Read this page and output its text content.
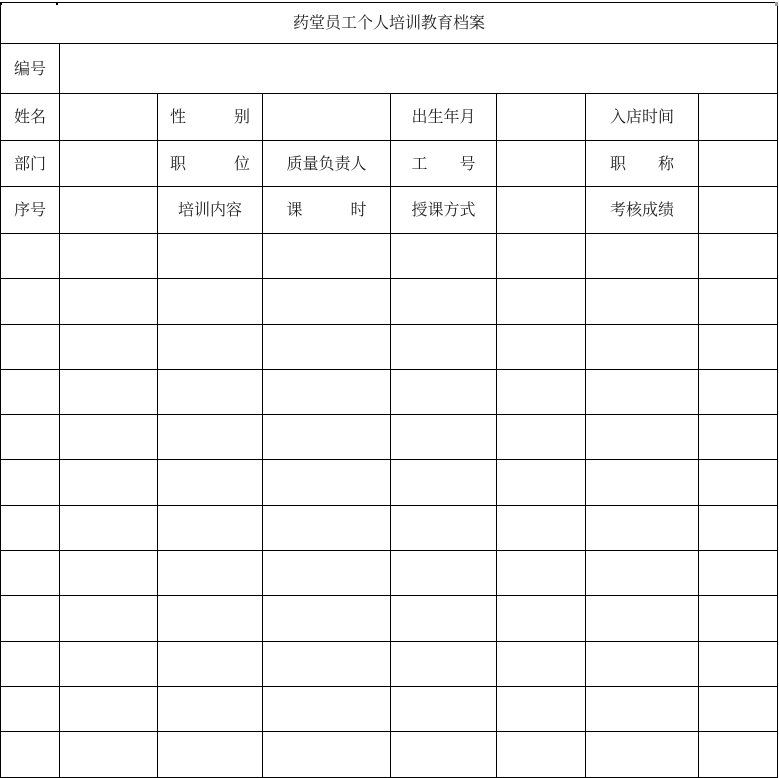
药堂员工个人培训教育档案							
编号							
姓名		性　　　别		出生年月		入店时间	
部门		职　　　位	质量负责人	工　　号		职　　称	
序号		培训内容	课　　　时	授课方式		考核成绩	
